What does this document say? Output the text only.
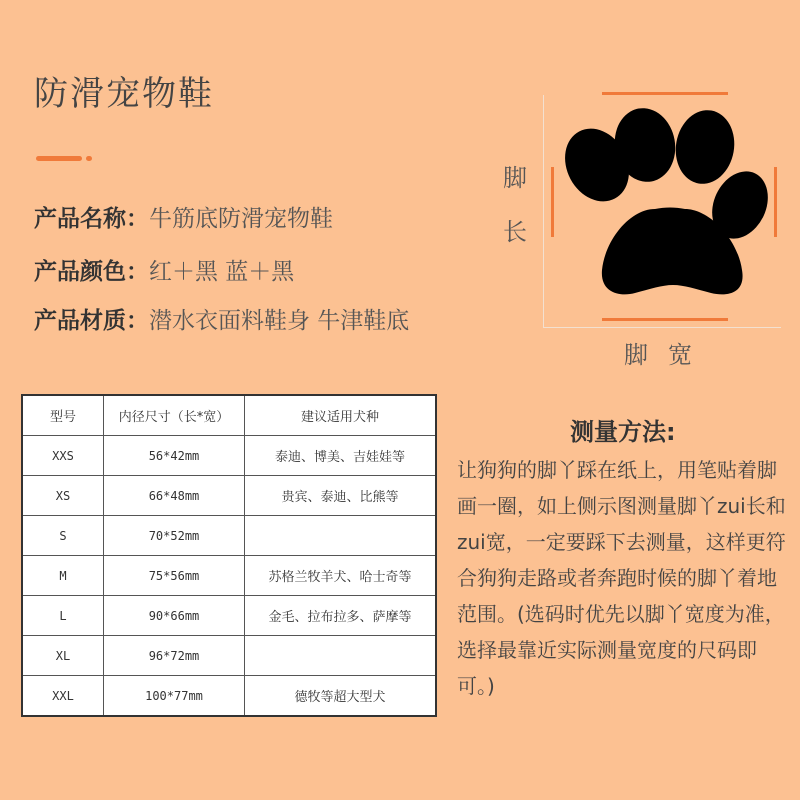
防滑宠物鞋
产品名称：牛筋底防滑宠物鞋
产品颜色：红＋黑 蓝＋黑
产品材质：潜水衣面料鞋身 牛津鞋底
脚
长
脚宽
型号	内径尺寸（长*宽）	建议适用犬种
XXS	56*42mm	泰迪、博美、吉娃娃等
XS	66*48mm	贵宾、泰迪、比熊等
S	70*52mm	
M	75*56mm	苏格兰牧羊犬、哈士奇等
L	90*66mm	金毛、拉布拉多、萨摩等
XL	96*72mm	
XXL	100*77mm	德牧等超大型犬
测量方法:

让狗狗的脚丫踩在纸上，用笔贴着脚画一圈，如上侧示图测量脚丫zui长和zui宽，一定要踩下去测量，这样更符合狗狗走路或者奔跑时候的脚丫着地范围。(选码时优先以脚丫宽度为准，选择最靠近实际测量宽度的尺码即可。)
